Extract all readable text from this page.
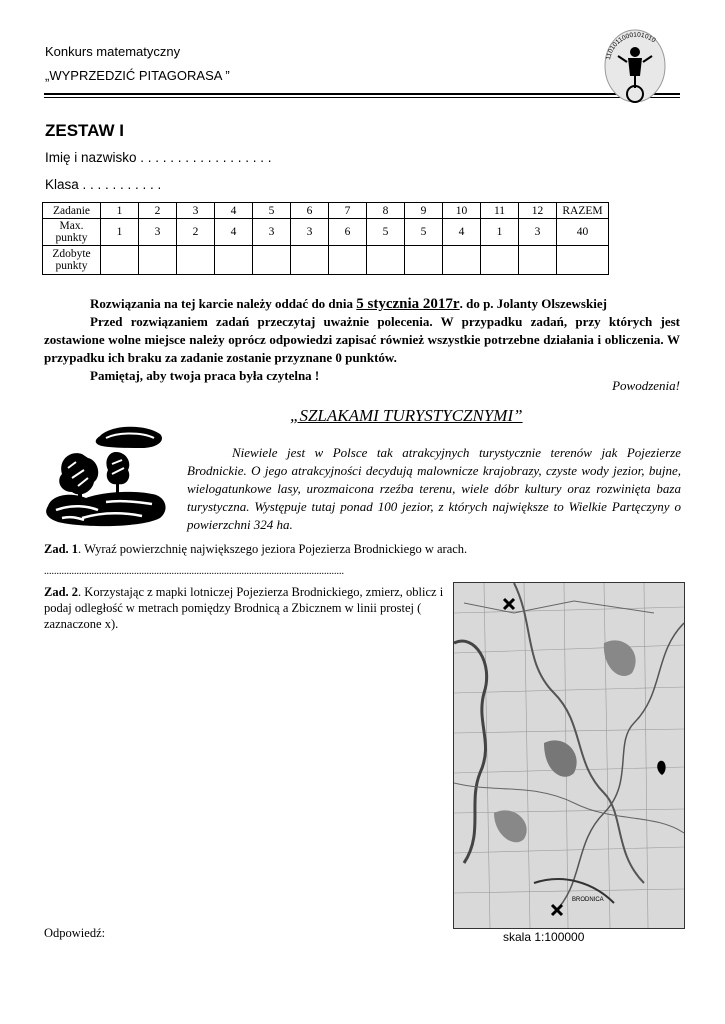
Konkurs matematyczny
„WYPRZEDZIĆ PITAGORASA ”
1101011000101010
ZESTAW I
Imię i nazwisko . . . . . . . . . . . . . . . . . .
Klasa . . . . . . . . . . .
Zadanie	1	2	3	4	5	6	7	8	9	10	11	12	RAZEM
Max.
punkty	1	3	2	4	3	3	6	5	5	4	1	3	40
Zdobyte
punkty													

Rozwiązania na tej karcie należy oddać do dnia 5 stycznia 2017r. do p. Jolanty Olszewskiej

Przed rozwiązaniem zadań przeczytaj uważnie polecenia. W przypadku zadań, przy których jest zostawione wolne miejsce należy oprócz odpowiedzi zapisać również wszystkie potrzebne działania i obliczenia. W przypadku ich braku za zadanie zostanie przyznane 0 punktów.

Pamiętaj, aby twoja praca była czytelna !

Powodzenia!
„SZLAKAMI TURYSTYCZNYMI”
Niewiele jest w Polsce tak atrakcyjnych turystycznie terenów jak Pojezierze Brodnickie. O jego atrakcyjności decydują malownicze krajobrazy, czyste wody jezior, bujne, wielogatunkowe lasy, urozmaicona rzeźba terenu, wiele dóbr kultury oraz rozwinięta baza turystyczna. Występuje tutaj ponad 100 jezior, z których największe to Wielkie Partęczyny o powierzchni 324 ha.
Zad. 1. Wyraź powierzchnię największego jeziora Pojezierza Brodnickiego w arach.
........................................................................................................................
Zad. 2. Korzystając z mapki lotniczej Pojezierza Brodnickiego, zmierz, oblicz i podaj odległość w metrach pomiędzy Brodnicą a Zbicznem w linii prostej ( zaznaczone x).
BRODNICA
skala 1:100000
Odpowiedź:
